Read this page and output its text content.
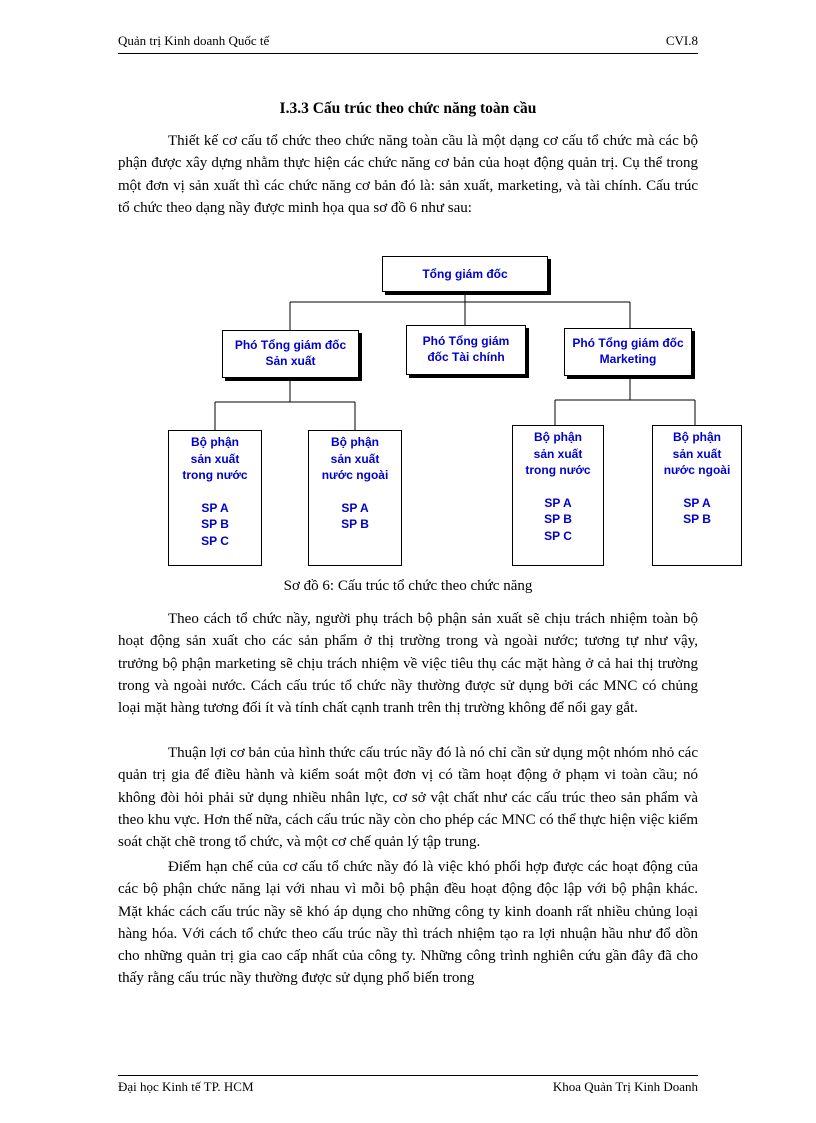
Quản trị Kinh doanh Quốc tế	CVI.8
I.3.3 Cấu trúc theo chức năng toàn cầu

Thiết kế cơ cấu tổ chức theo chức năng toàn cầu là một dạng cơ cấu tổ chức mà các bộ phận được xây dựng nhằm thực hiện các chức năng cơ bản của hoạt động quản trị. Cụ thể trong một đơn vị sản xuất thì các chức năng cơ bản đó là: sản xuất, marketing, và tài chính. Cấu trúc tổ chức theo dạng nầy được minh họa qua sơ đồ 6 như sau:

Tổng giám đốc
Phó Tổng giám đốc
Sản xuất
Phó Tổng giám
đốc Tài chính
Phó Tổng giám đốc
Marketing
Bộ phận
sản xuất
trong nước
SP A
SP B
SP C
Bộ phận
sản xuất
nước ngoài
SP A
SP B
Bộ phận
sản xuất
trong nước
SP A
SP B
SP C
Bộ phận
sản xuất
nước ngoài
SP A
SP B
Sơ đồ 6: Cấu trúc tổ chức theo chức năng

Theo cách tổ chức nầy, người phụ trách bộ phận sản xuất sẽ chịu trách nhiệm toàn bộ hoạt động sản xuất cho các sản phẩm ở thị trường trong và ngoài nước; tương tự như vậy, trưởng bộ phận marketing sẽ chịu trách nhiệm về việc tiêu thụ các mặt hàng ở cả hai thị trường trong và ngoài nước. Cách cấu trúc tổ chức nầy thường được sử dụng bởi các MNC có chủng loại mặt hàng tương đối ít và tính chất cạnh tranh trên thị trường không để nổi gay gắt.

Thuận lợi cơ bản của hình thức cấu trúc nầy đó là nó chỉ cần sử dụng một nhóm nhỏ các quản trị gia để điều hành và kiểm soát một đơn vị có tầm hoạt động ở phạm vi toàn cầu; nó không đòi hỏi phải sử dụng nhiều nhân lực, cơ sở vật chất như các cấu trúc theo sản phẩm và theo khu vực. Hơn thế nữa, cách cấu trúc nầy còn cho phép các MNC có thể thực hiện việc kiểm soát chặt chẽ trong tổ chức, và một cơ chế quản lý tập trung.

Điểm hạn chế của cơ cấu tổ chức nầy đó là việc khó phối hợp được các hoạt động của các bộ phận chức năng lại với nhau vì mỗi bộ phận đều hoạt động độc lập với bộ phận khác. Mặt khác cách cấu trúc nầy sẽ khó áp dụng cho những công ty kinh doanh rất nhiều chủng loại hàng hóa. Với cách tổ chức theo cấu trúc nầy thì trách nhiệm tạo ra lợi nhuận hầu như đổ dồn cho những quản trị gia cao cấp nhất của công ty. Những công trình nghiên cứu gần đây đã cho thấy rằng cấu trúc nầy thường được sử dụng phổ biến trong

Đại học Kinh tế TP. HCM	Khoa Quản Trị Kinh Doanh
